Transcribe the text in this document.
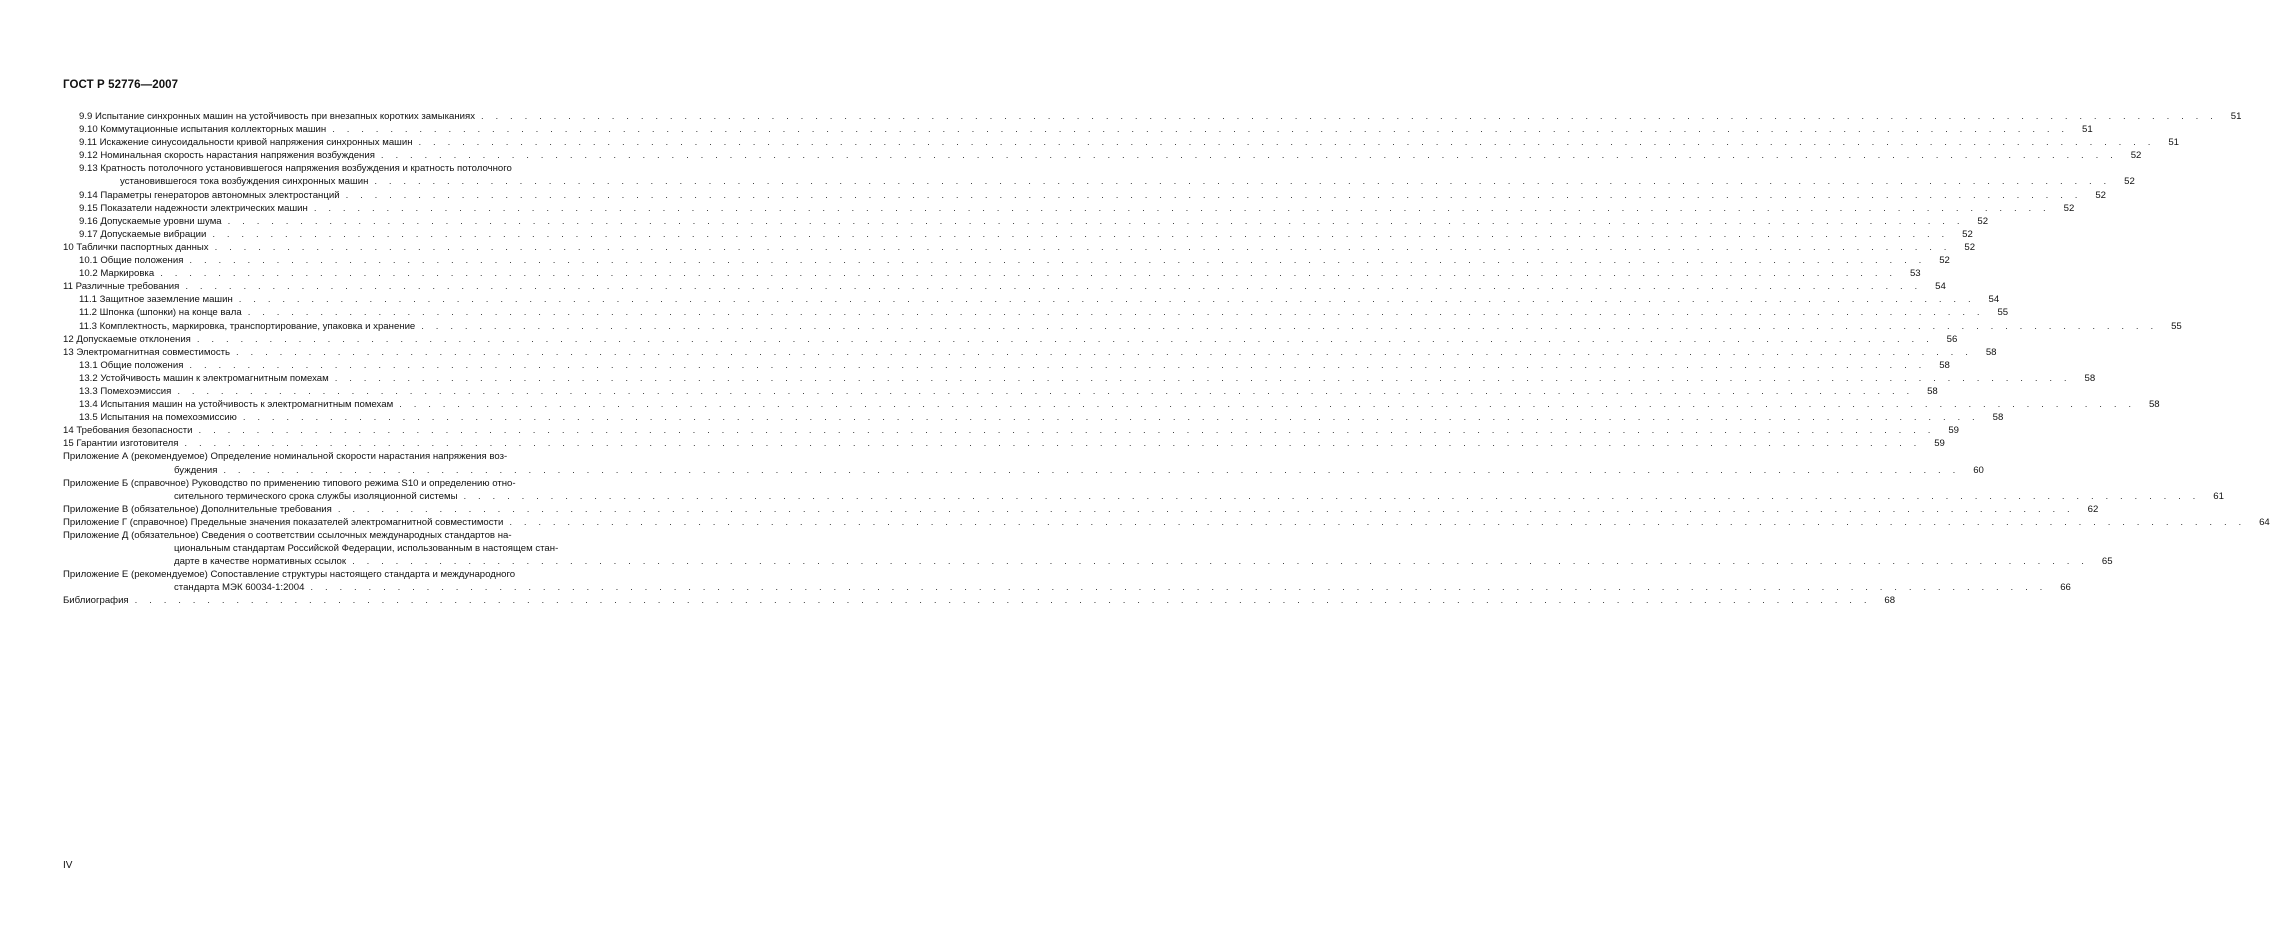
ГОСТ Р 52776—2007
9.9 Испытание синхронных машин на устойчивость при внезапных коротких замыканиях . . . . . . . . . . . . . . . . . . . . . . . . . . . . . . . . . . . . . . . . . . . . . . . . . . . . . . . . . . . . . . . . . . . . . . . . . . . . . . . . . . . . . . . . . . . . . . . . . . . . . . . . . . . . . . . . . . . . . . . .	51
9.10 Коммутационные испытания коллекторных машин . . . . . . . . . . . . . . . . . . . . . . . . . . . . . . . . . . . . . . . . . . . . . . . . . . . . . . . . . . . . . . . . . . . . . . . . . . . . . . . . . . . . . . . . . . . . . . . . . . . . . . . . . . . . . . . . . . . . . . . .	51
9.11 Искажение синусоидальности кривой напряжения синхронных машин . . . . . . . . . . . . . . . . . . . . . . . . . . . . . . . . . . . . . . . . . . . . . . . . . . . . . . . . . . . . . . . . . . . . . . . . . . . . . . . . . . . . . . . . . . . . . . . . . . . . . . . . . . . . . . . . . . . . . . . .	51
9.12 Номинальная скорость нарастания напряжения возбуждения . . . . . . . . . . . . . . . . . . . . . . . . . . . . . . . . . . . . . . . . . . . . . . . . . . . . . . . . . . . . . . . . . . . . . . . . . . . . . . . . . . . . . . . . . . . . . . . . . . . . . . . . . . . . . . . . . . . . . . . .	52
9.13 Кратность потолочного установившегося напряжения возбуждения и кратность потолочного
установившегося тока возбуждения синхронных машин . . . . . . . . . . . . . . . . . . . . . . . . . . . . . . . . . . . . . . . . . . . . . . . . . . . . . . . . . . . . . . . . . . . . . . . . . . . . . . . . . . . . . . . . . . . . . . . . . . . . . . . . . . . . . . . . . . . . . . . .	52
9.14 Параметры генераторов автономных электростанций . . . . . . . . . . . . . . . . . . . . . . . . . . . . . . . . . . . . . . . . . . . . . . . . . . . . . . . . . . . . . . . . . . . . . . . . . . . . . . . . . . . . . . . . . . . . . . . . . . . . . . . . . . . . . . . . . . . . . . . .	52
9.15 Показатели надежности электрических машин . . . . . . . . . . . . . . . . . . . . . . . . . . . . . . . . . . . . . . . . . . . . . . . . . . . . . . . . . . . . . . . . . . . . . . . . . . . . . . . . . . . . . . . . . . . . . . . . . . . . . . . . . . . . . . . . . . . . . . . .	52
9.16 Допускаемые уровни шума . . . . . . . . . . . . . . . . . . . . . . . . . . . . . . . . . . . . . . . . . . . . . . . . . . . . . . . . . . . . . . . . . . . . . . . . . . . . . . . . . . . . . . . . . . . . . . . . . . . . . . . . . . . . . . . . . . . . . . . .	52
9.17 Допускаемые вибрации . . . . . . . . . . . . . . . . . . . . . . . . . . . . . . . . . . . . . . . . . . . . . . . . . . . . . . . . . . . . . . . . . . . . . . . . . . . . . . . . . . . . . . . . . . . . . . . . . . . . . . . . . . . . . . . . . . . . . . . .	52
10 Таблички паспортных данных . . . . . . . . . . . . . . . . . . . . . . . . . . . . . . . . . . . . . . . . . . . . . . . . . . . . . . . . . . . . . . . . . . . . . . . . . . . . . . . . . . . . . . . . . . . . . . . . . . . . . . . . . . . . . . . . . . . . . . . .	52
10.1 Общие положения . . . . . . . . . . . . . . . . . . . . . . . . . . . . . . . . . . . . . . . . . . . . . . . . . . . . . . . . . . . . . . . . . . . . . . . . . . . . . . . . . . . . . . . . . . . . . . . . . . . . . . . . . . . . . . . . . . . . . . . .	52
10.2 Маркировка . . . . . . . . . . . . . . . . . . . . . . . . . . . . . . . . . . . . . . . . . . . . . . . . . . . . . . . . . . . . . . . . . . . . . . . . . . . . . . . . . . . . . . . . . . . . . . . . . . . . . . . . . . . . . . . . . . . . . . . .	53
11 Различные требования . . . . . . . . . . . . . . . . . . . . . . . . . . . . . . . . . . . . . . . . . . . . . . . . . . . . . . . . . . . . . . . . . . . . . . . . . . . . . . . . . . . . . . . . . . . . . . . . . . . . . . . . . . . . . . . . . . . . . . . .	54
11.1 Защитное заземление машин . . . . . . . . . . . . . . . . . . . . . . . . . . . . . . . . . . . . . . . . . . . . . . . . . . . . . . . . . . . . . . . . . . . . . . . . . . . . . . . . . . . . . . . . . . . . . . . . . . . . . . . . . . . . . . . . . . . . . . . .	54
11.2 Шпонка (шпонки) на конце вала . . . . . . . . . . . . . . . . . . . . . . . . . . . . . . . . . . . . . . . . . . . . . . . . . . . . . . . . . . . . . . . . . . . . . . . . . . . . . . . . . . . . . . . . . . . . . . . . . . . . . . . . . . . . . . . . . . . . . . . .	55
11.3 Комплектность, маркировка, транспортирование, упаковка и хранение . . . . . . . . . . . . . . . . . . . . . . . . . . . . . . . . . . . . . . . . . . . . . . . . . . . . . . . . . . . . . . . . . . . . . . . . . . . . . . . . . . . . . . . . . . . . . . . . . . . . . . . . . . . . . . . . . . . . . . . .	55
12 Допускаемые отклонения . . . . . . . . . . . . . . . . . . . . . . . . . . . . . . . . . . . . . . . . . . . . . . . . . . . . . . . . . . . . . . . . . . . . . . . . . . . . . . . . . . . . . . . . . . . . . . . . . . . . . . . . . . . . . . . . . . . . . . . .	56
13 Электромагнитная совместимость . . . . . . . . . . . . . . . . . . . . . . . . . . . . . . . . . . . . . . . . . . . . . . . . . . . . . . . . . . . . . . . . . . . . . . . . . . . . . . . . . . . . . . . . . . . . . . . . . . . . . . . . . . . . . . . . . . . . . . . .	58
13.1 Общие положения . . . . . . . . . . . . . . . . . . . . . . . . . . . . . . . . . . . . . . . . . . . . . . . . . . . . . . . . . . . . . . . . . . . . . . . . . . . . . . . . . . . . . . . . . . . . . . . . . . . . . . . . . . . . . . . . . . . . . . . .	58
13.2 Устойчивость машин к электромагнитным помехам . . . . . . . . . . . . . . . . . . . . . . . . . . . . . . . . . . . . . . . . . . . . . . . . . . . . . . . . . . . . . . . . . . . . . . . . . . . . . . . . . . . . . . . . . . . . . . . . . . . . . . . . . . . . . . . . . . . . . . . .	58
13.3 Помехоэмиссия . . . . . . . . . . . . . . . . . . . . . . . . . . . . . . . . . . . . . . . . . . . . . . . . . . . . . . . . . . . . . . . . . . . . . . . . . . . . . . . . . . . . . . . . . . . . . . . . . . . . . . . . . . . . . . . . . . . . . . . .	58
13.4 Испытания машин на устойчивость к электромагнитным помехам . . . . . . . . . . . . . . . . . . . . . . . . . . . . . . . . . . . . . . . . . . . . . . . . . . . . . . . . . . . . . . . . . . . . . . . . . . . . . . . . . . . . . . . . . . . . . . . . . . . . . . . . . . . . . . . . . . . . . . . .	58
13.5 Испытания на помехоэмиссию . . . . . . . . . . . . . . . . . . . . . . . . . . . . . . . . . . . . . . . . . . . . . . . . . . . . . . . . . . . . . . . . . . . . . . . . . . . . . . . . . . . . . . . . . . . . . . . . . . . . . . . . . . . . . . . . . . . . . . . .	58
14 Требования безопасности . . . . . . . . . . . . . . . . . . . . . . . . . . . . . . . . . . . . . . . . . . . . . . . . . . . . . . . . . . . . . . . . . . . . . . . . . . . . . . . . . . . . . . . . . . . . . . . . . . . . . . . . . . . . . . . . . . . . . . . .	59
15 Гарантии изготовителя . . . . . . . . . . . . . . . . . . . . . . . . . . . . . . . . . . . . . . . . . . . . . . . . . . . . . . . . . . . . . . . . . . . . . . . . . . . . . . . . . . . . . . . . . . . . . . . . . . . . . . . . . . . . . . . . . . . . . . . .	59
Приложение А (рекомендуемое) Определение номинальной скорости нарастания напряжения воз-
буждения . . . . . . . . . . . . . . . . . . . . . . . . . . . . . . . . . . . . . . . . . . . . . . . . . . . . . . . . . . . . . . . . . . . . . . . . . . . . . . . . . . . . . . . . . . . . . . . . . . . . . . . . . . . . . . . . . . . . . . . .	60
Приложение Б (справочное) Руководство по применению типового режима S10 и определению отно-
сительного термического срока службы изоляционной системы . . . . . . . . . . . . . . . . . . . . . . . . . . . . . . . . . . . . . . . . . . . . . . . . . . . . . . . . . . . . . . . . . . . . . . . . . . . . . . . . . . . . . . . . . . . . . . . . . . . . . . . . . . . . . . . . . . . . . . . .	61
Приложение В (обязательное) Дополнительные требования . . . . . . . . . . . . . . . . . . . . . . . . . . . . . . . . . . . . . . . . . . . . . . . . . . . . . . . . . . . . . . . . . . . . . . . . . . . . . . . . . . . . . . . . . . . . . . . . . . . . . . . . . . . . . . . . . . . . . . . .	62
Приложение Г (справочное) Предельные значения показателей электромагнитной совместимости . . . . . . . . . . . . . . . . . . . . . . . . . . . . . . . . . . . . . . . . . . . . . . . . . . . . . . . . . . . . . . . . . . . . . . . . . . . . . . . . . . . . . . . . . . . . . . . . . . . . . . . . . . . . . . . . . . . . . . . .	64
Приложение Д (обязательное) Сведения о соответствии ссылочных международных стандартов на-
циональным стандартам Российской Федерации, использованным в настоящем стан-
дарте в качестве нормативных ссылок . . . . . . . . . . . . . . . . . . . . . . . . . . . . . . . . . . . . . . . . . . . . . . . . . . . . . . . . . . . . . . . . . . . . . . . . . . . . . . . . . . . . . . . . . . . . . . . . . . . . . . . . . . . . . . . . . . . . . . . .	65
Приложение Е (рекомендуемое) Сопоставление структуры настоящего стандарта и международного
стандарта МЭК 60034-1:2004 . . . . . . . . . . . . . . . . . . . . . . . . . . . . . . . . . . . . . . . . . . . . . . . . . . . . . . . . . . . . . . . . . . . . . . . . . . . . . . . . . . . . . . . . . . . . . . . . . . . . . . . . . . . . . . . . . . . . . . . .	66
Библиография . . . . . . . . . . . . . . . . . . . . . . . . . . . . . . . . . . . . . . . . . . . . . . . . . . . . . . . . . . . . . . . . . . . . . . . . . . . . . . . . . . . . . . . . . . . . . . . . . . . . . . . . . . . . . . . . . . . . . . . .	68
IV
